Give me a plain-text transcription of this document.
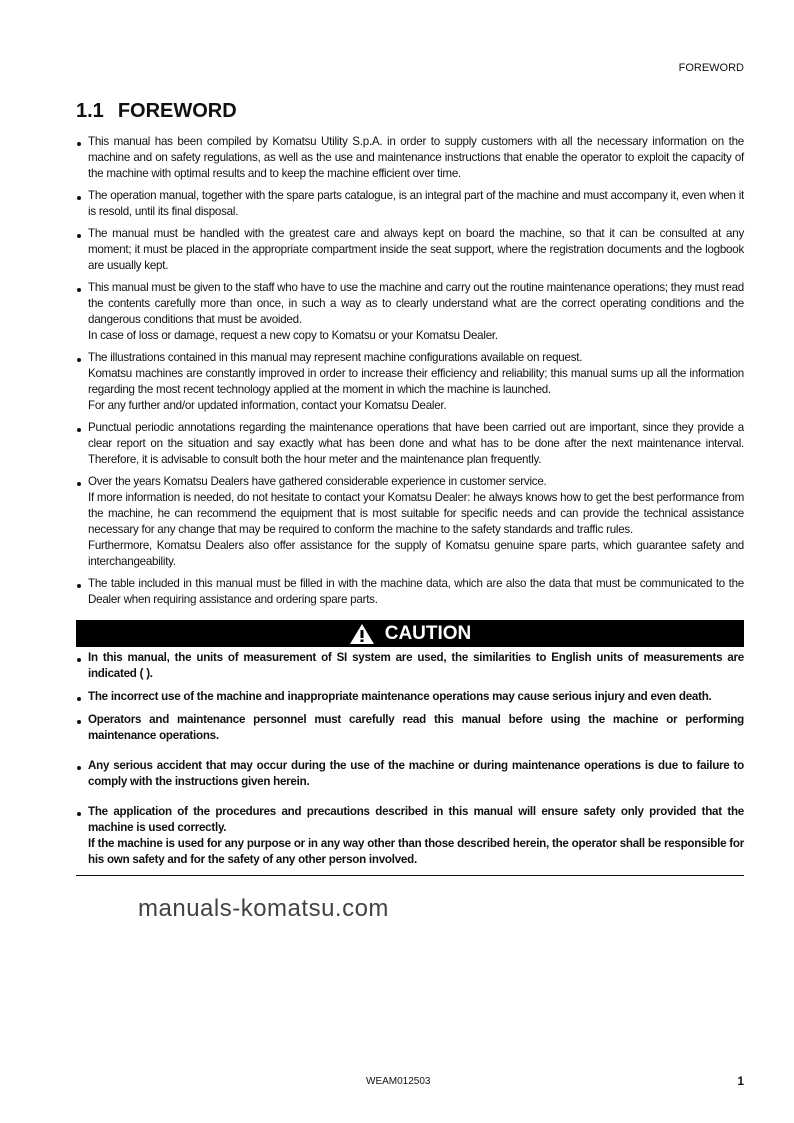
FOREWORD
1.1 FOREWORD

This manual has been compiled by Komatsu Utility S.p.A. in order to supply customers with all the necessary information on the machine and on safety regulations, as well as the use and maintenance instructions that enable the operator to exploit the capacity of the machine with optimal results and to keep the machine efficient over time.

The operation manual, together with the spare parts catalogue, is an integral part of the machine and must accompany it, even when it is resold, until its final disposal.

The manual must be handled with the greatest care and always kept on board the machine, so that it can be consulted at any moment; it must be placed in the appropriate compartment inside the seat support, where the registration documents and the logbook are usually kept.

This manual must be given to the staff who have to use the machine and carry out the routine maintenance operations; they must read the contents carefully more than once, in such a way as to clearly understand what are the correct operating conditions and the dangerous conditions that must be avoided.

In case of loss or damage, request a new copy to Komatsu or your Komatsu Dealer.

The illustrations contained in this manual may represent machine configurations available on request.

Komatsu machines are constantly improved in order to increase their efficiency and reliability; this manual sums up all the information regarding the most recent technology applied at the moment in which the machine is launched.

For any further and/or updated information, contact your Komatsu Dealer.

Punctual periodic annotations regarding the maintenance operations that have been carried out are important, since they provide a clear report on the situation and say exactly what has been done and what has to be done after the next maintenance interval. Therefore, it is advisable to consult both the hour meter and the maintenance plan frequently.

Over the years Komatsu Dealers have gathered considerable experience in customer service.

If more information is needed, do not hesitate to contact your Komatsu Dealer: he always knows how to get the best performance from the machine, he can recommend the equipment that is most suitable for specific needs and can provide the technical assistance necessary for any change that may be required to conform the machine to the safety standards and traffic rules.

Furthermore, Komatsu Dealers also offer assistance for the supply of Komatsu genuine spare parts, which guarantee safety and interchangeability.

The table included in this manual must be filled in with the machine data, which are also the data that must be communicated to the Dealer when requiring assistance and ordering spare parts.

CAUTION

In this manual, the units of measurement of SI system are used, the similarities to English units of measurements are indicated ( ).

The incorrect use of the machine and inappropriate maintenance operations may cause serious injury and even death.

Operators and maintenance personnel must carefully read this manual before using the machine or performing maintenance operations.

Any serious accident that may occur during the use of the machine or during maintenance operations is due to failure to comply with the instructions given herein.

The application of the procedures and precautions described in this manual will ensure safety only provided that the machine is used correctly.

If the machine is used for any purpose or in any way other than those described herein, the operator shall be responsible for his own safety and for the safety of any other person involved.

manuals-komatsu.com
WEAM012503	1
